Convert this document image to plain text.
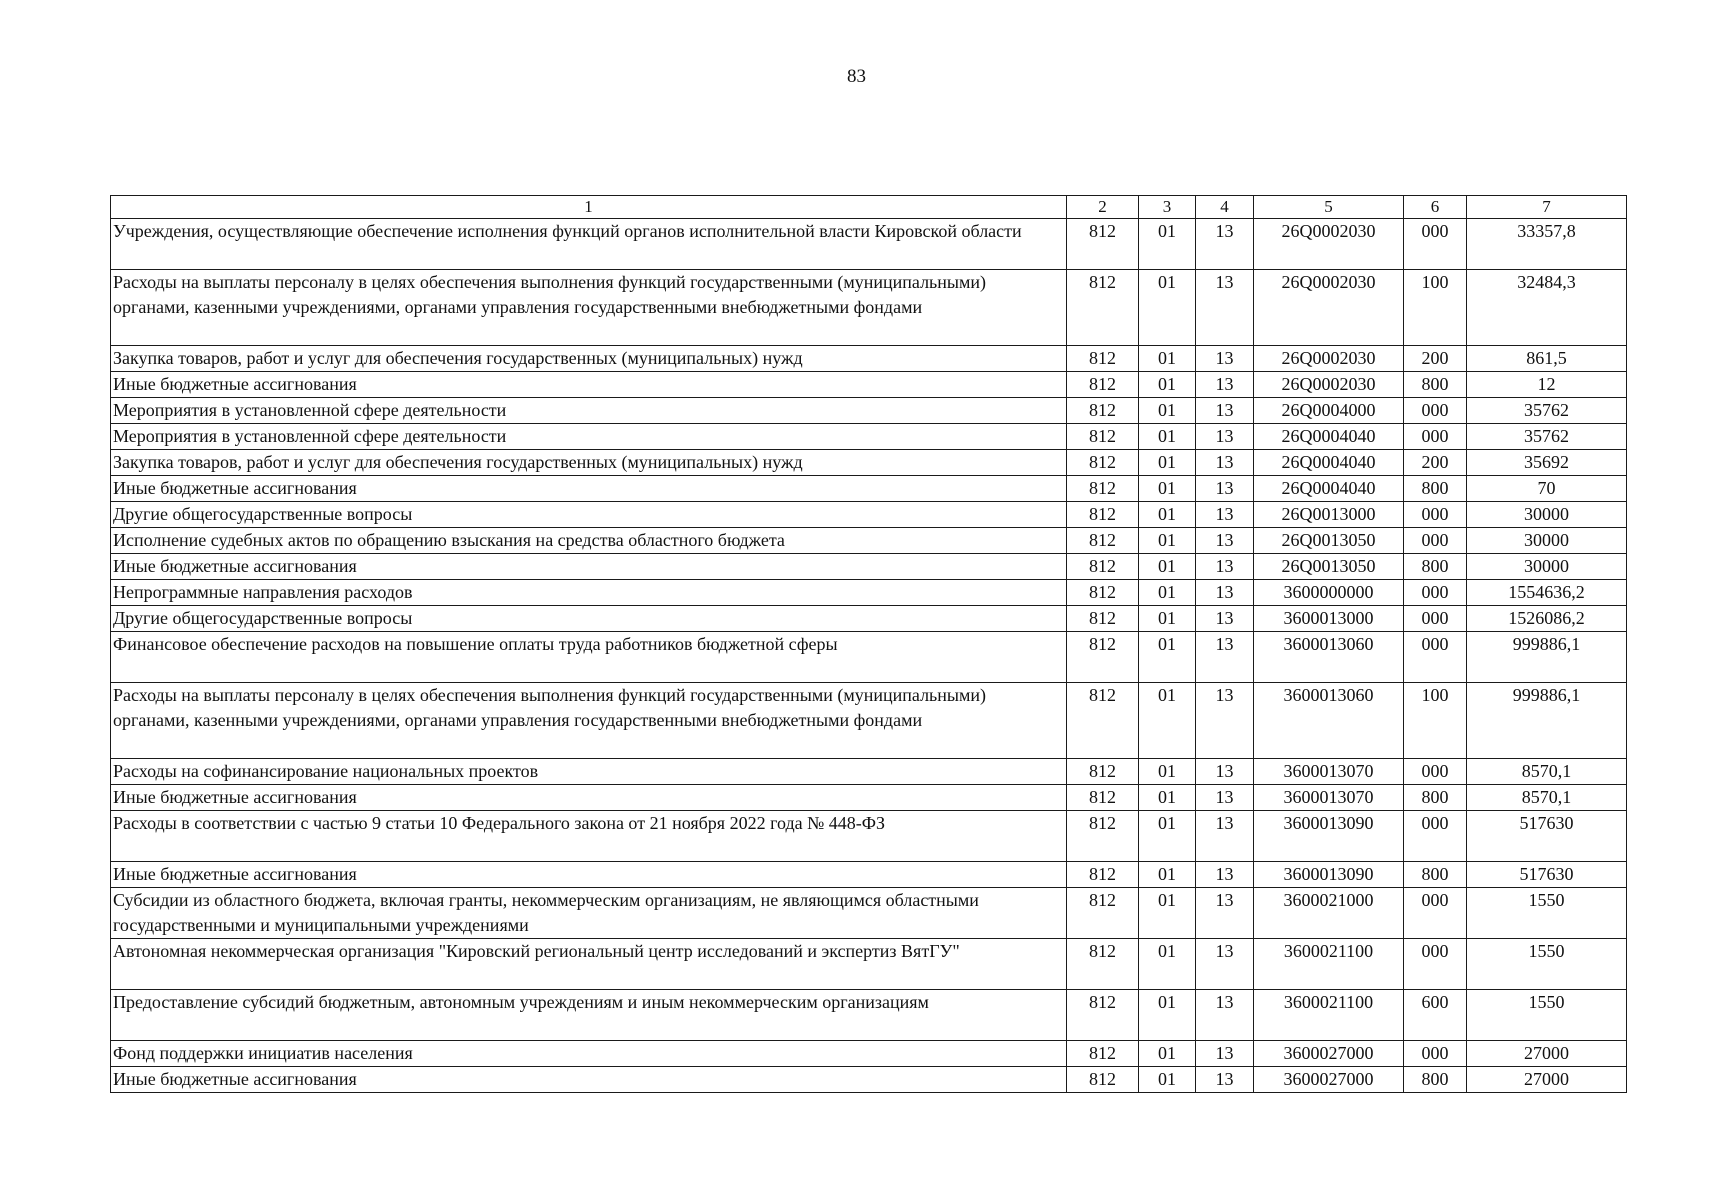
83
1	2	3	4	5	6	7
Учреждения, осуществляющие обеспечение исполнения функций органов исполнительной власти Кировской области	812	01	13	26Q0002030	000	33357,8
Расходы на выплаты персоналу в целях обеспечения выполнения функций государственными (муниципальными) органами, казенными учреждениями, органами управления государственными внебюджетными фондами	812	01	13	26Q0002030	100	32484,3
Закупка товаров, работ и услуг для обеспечения государственных (муниципальных) нужд	812	01	13	26Q0002030	200	861,5
Иные бюджетные ассигнования	812	01	13	26Q0002030	800	12
Мероприятия в установленной сфере деятельности	812	01	13	26Q0004000	000	35762
Мероприятия в установленной сфере деятельности	812	01	13	26Q0004040	000	35762
Закупка товаров, работ и услуг для обеспечения государственных (муниципальных) нужд	812	01	13	26Q0004040	200	35692
Иные бюджетные ассигнования	812	01	13	26Q0004040	800	70
Другие общегосударственные вопросы	812	01	13	26Q0013000	000	30000
Исполнение судебных актов по обращению взыскания на средства областного бюджета	812	01	13	26Q0013050	000	30000
Иные бюджетные ассигнования	812	01	13	26Q0013050	800	30000
Непрограммные направления расходов	812	01	13	3600000000	000	1554636,2
Другие общегосударственные вопросы	812	01	13	3600013000	000	1526086,2
Финансовое обеспечение расходов на повышение оплаты труда работников бюджетной сферы	812	01	13	3600013060	000	999886,1
Расходы на выплаты персоналу в целях обеспечения выполнения функций государственными (муниципальными) органами, казенными учреждениями, органами управления государственными внебюджетными фондами	812	01	13	3600013060	100	999886,1
Расходы на софинансирование национальных проектов	812	01	13	3600013070	000	8570,1
Иные бюджетные ассигнования	812	01	13	3600013070	800	8570,1
Расходы в соответствии с частью 9 статьи 10 Федерального закона от 21 ноября 2022 года № 448-ФЗ	812	01	13	3600013090	000	517630
Иные бюджетные ассигнования	812	01	13	3600013090	800	517630
Субсидии из областного бюджета, включая гранты, некоммерческим организациям, не являющимся областными государственными и муниципальными учреждениями	812	01	13	3600021000	000	1550
Автономная некоммерческая организация "Кировский региональный центр исследований и экспертиз ВятГУ"	812	01	13	3600021100	000	1550
Предоставление субсидий бюджетным, автономным учреждениям и иным некоммерческим организациям	812	01	13	3600021100	600	1550
Фонд поддержки инициатив населения	812	01	13	3600027000	000	27000
Иные бюджетные ассигнования	812	01	13	3600027000	800	27000
